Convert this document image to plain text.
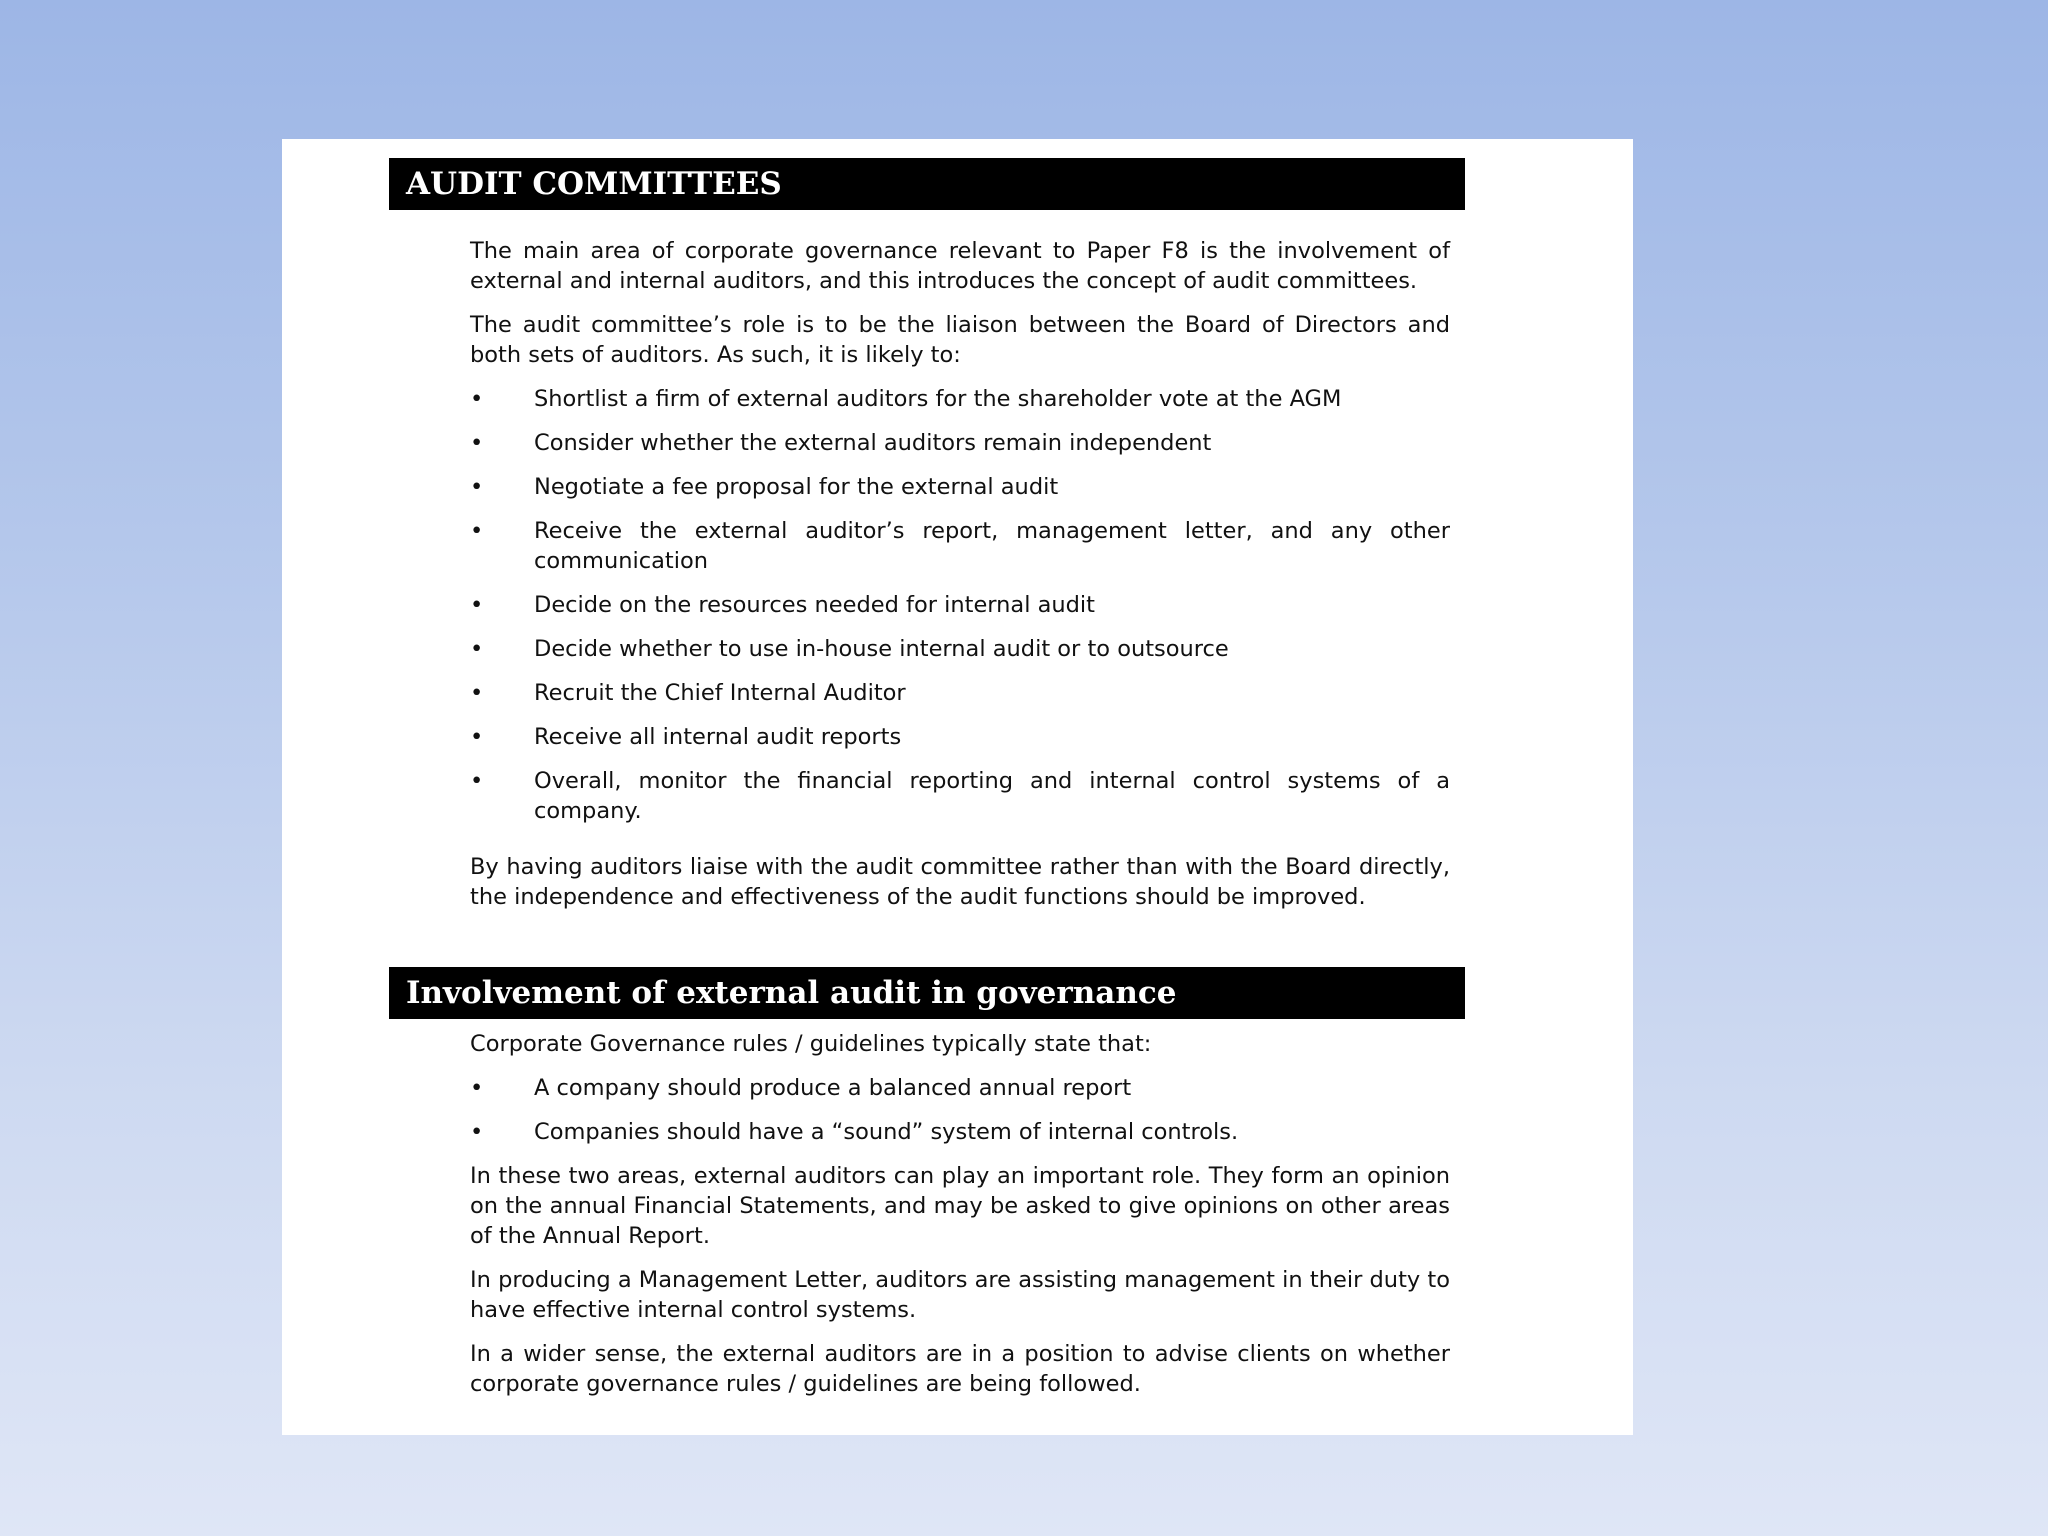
AUDIT COMMITTEES

The main area of corporate governance relevant to Paper F8 is the involvement of external and internal auditors, and this introduces the concept of audit committees.

The audit committee’s role is to be the liaison between the Board of Directors and both sets of auditors. As such, it is likely to:

• Shortlist a firm of external auditors for the shareholder vote at the AGM
• Consider whether the external auditors remain independent
• Negotiate a fee proposal for the external audit
• Receive the external auditor’s report, management letter, and any other communication
• Decide on the resources needed for internal audit
• Decide whether to use in-house internal audit or to outsource
• Recruit the Chief Internal Auditor
• Receive all internal audit reports
• Overall, monitor the financial reporting and internal control systems of a company.

By having auditors liaise with the audit committee rather than with the Board directly, the independence and effectiveness of the audit functions should be improved.

Involvement of external audit in governance

Corporate Governance rules / guidelines typically state that:

• A company should produce a balanced annual report
• Companies should have a “sound” system of internal controls.

In these two areas, external auditors can play an important role. They form an opinion on the annual Financial Statements, and may be asked to give opinions on other areas of the Annual Report.

In producing a Management Letter, auditors are assisting management in their duty to have effective internal control systems.

In a wider sense, the external auditors are in a position to advise clients on whether corporate governance rules / guidelines are being followed.
